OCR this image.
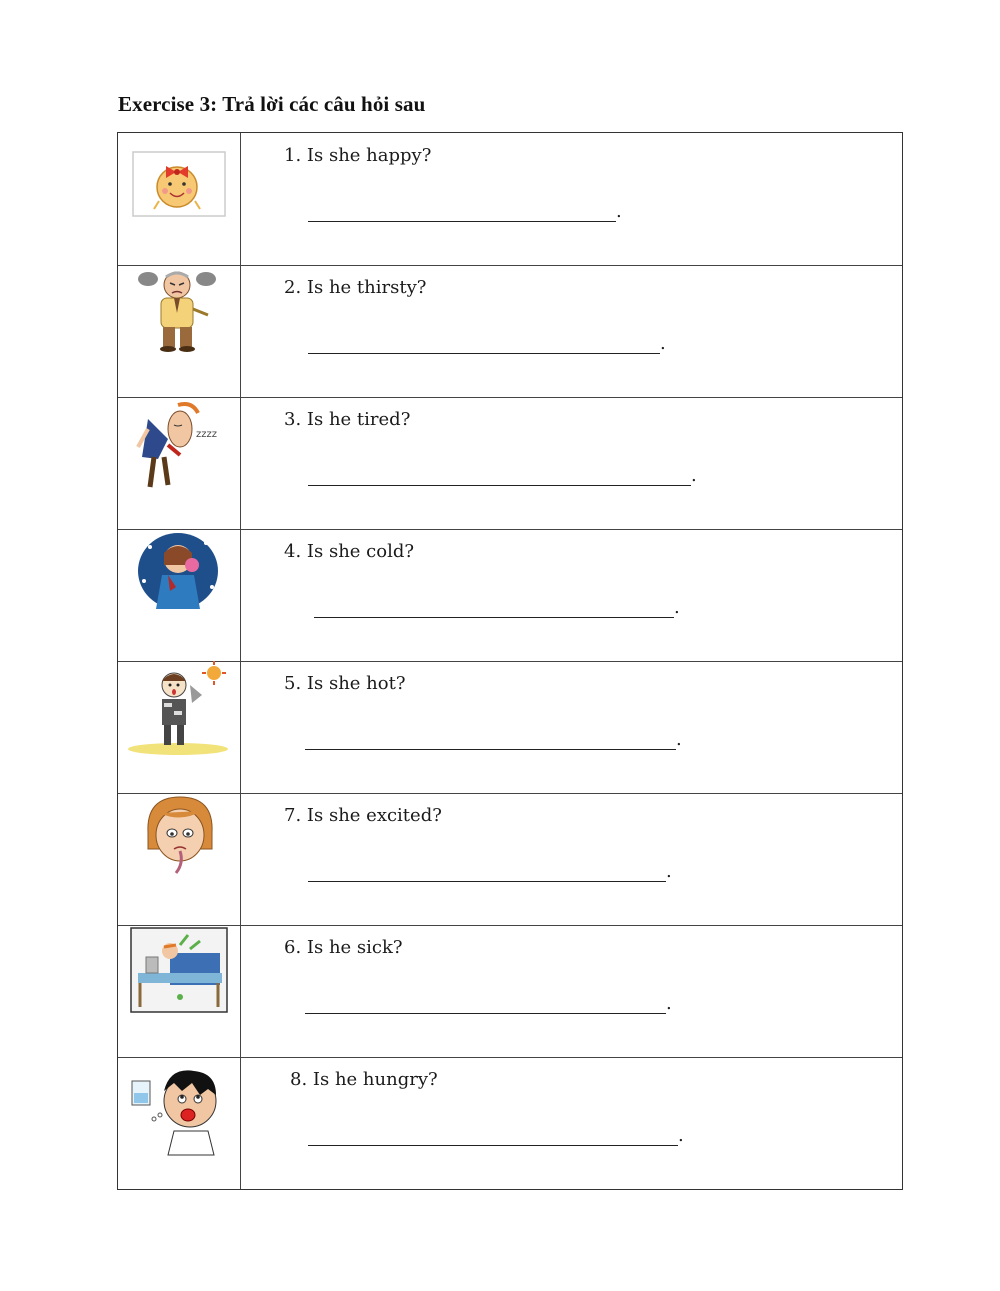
Exercise 3: Trả lời các câu hỏi sau
1. Is she happy?
.
2. Is he thirsty?
.
zzzz
3. Is he tired?
.
4. Is she cold?
.
5. Is she hot?
.
7. Is she excited?
.
6. Is he sick?
.
8. Is he hungry?
.
